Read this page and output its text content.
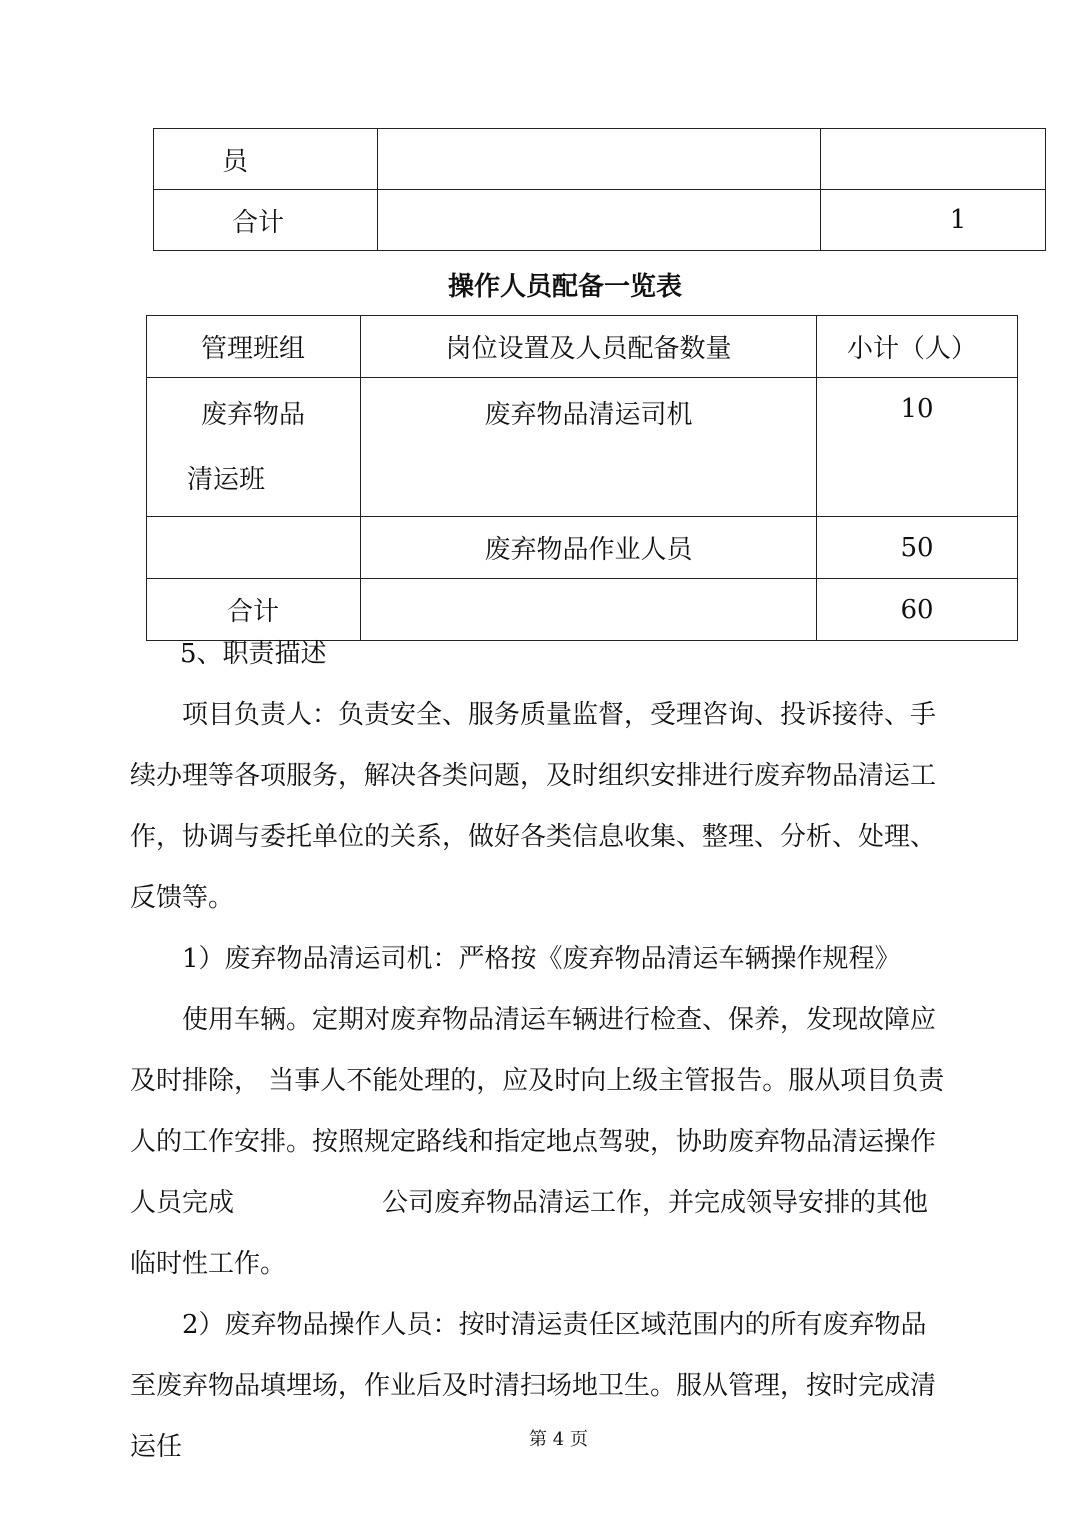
员		
合计		1
操作人员配备一览表
管理班组	岗位设置及人员配备数量	小计（人）

废弃物品
清运班	废弃物品清运司机	10
	废弃物品作业人员	50
合计		60

5、职责描述

项目负责人：负责安全、服务质量监督，受理咨询、投诉接待、手续办理等各项服务，解决各类问题，及时组织安排进行废弃物品清运工作，协调与委托单位的关系，做好各类信息收集、整理、分析、处理、反馈等。

1）废弃物品清运司机：严格按《废弃物品清运车辆操作规程》

使用车辆。定期对废弃物品清运车辆进行检查、保养，发现故障应及时排除， 当事人不能处理的，应及时向上级主管报告。服从项目负责人的工作安排。按照规定路线和指定地点驾驶，协助废弃物品清运操作人员完成	公司废弃物品清运工作，并完成领导安排的其他临时性工作。

2）废弃物品操作人员：按时清运责任区域范围内的所有废弃物品至废弃物品填埋场，作业后及时清扫场地卫生。服从管理，按时完成清运任	第 4 页
